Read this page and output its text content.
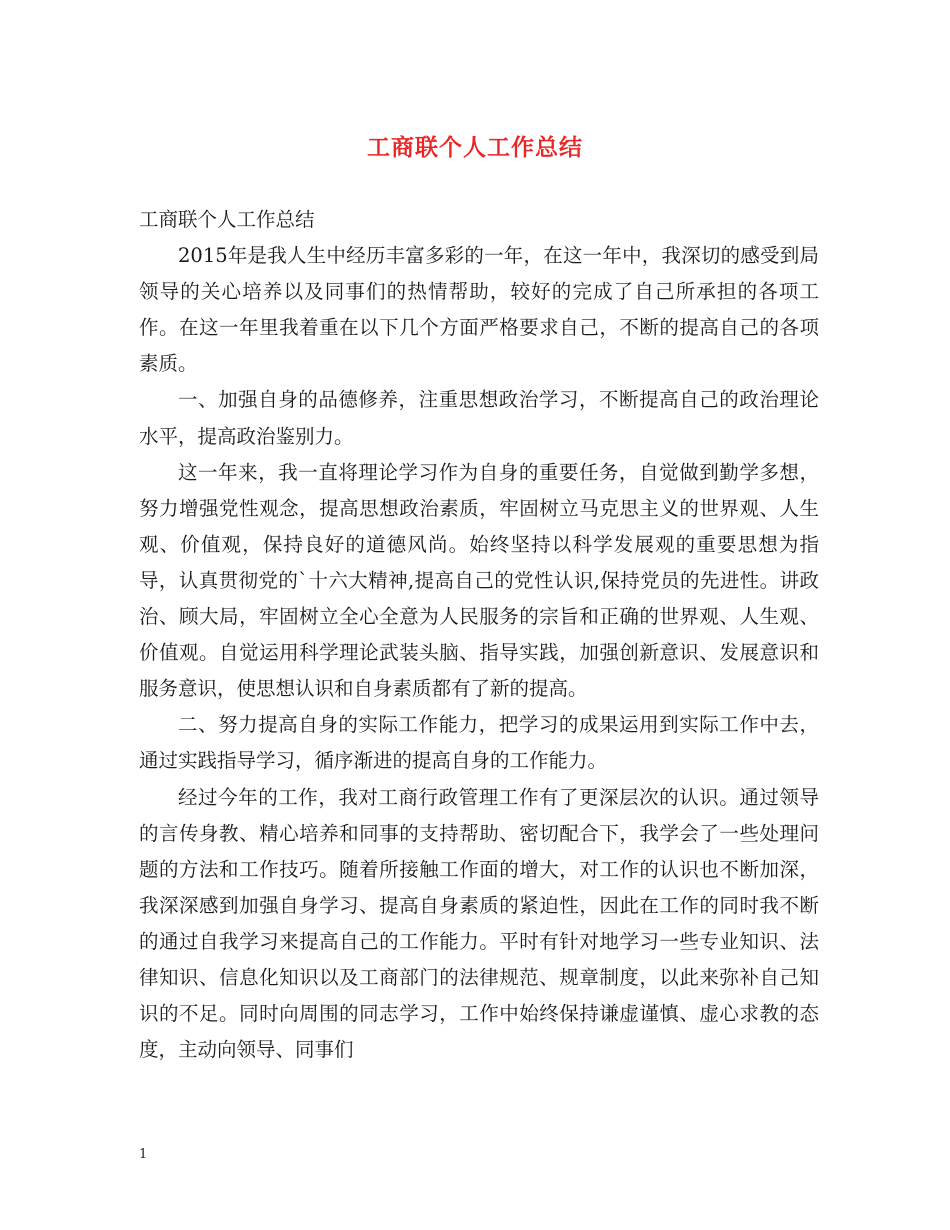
工商联个人工作总结

工商联个人工作总结

2015年是我人生中经历丰富多彩的一年，在这一年中，我深切的感受到局领导的关心培养以及同事们的热情帮助，较好的完成了自己所承担的各项工作。在这一年里我着重在以下几个方面严格要求自己，不断的提高自己的各项素质。

一、加强自身的品德修养，注重思想政治学习，不断提高自己的政治理论水平，提高政治鉴别力。

这一年来，我一直将理论学习作为自身的重要任务，自觉做到勤学多想，努力增强党性观念，提高思想政治素质，牢固树立马克思主义的世界观、人生观、价值观，保持良好的道德风尚。始终坚持以科学发展观的重要思想为指导，认真贯彻党的`十六大精神,提高自己的党性认识,保持党员的先进性。讲政治、顾大局，牢固树立全心全意为人民服务的宗旨和正确的世界观、人生观、价值观。自觉运用科学理论武装头脑、指导实践，加强创新意识、发展意识和服务意识，使思想认识和自身素质都有了新的提高。

二、努力提高自身的实际工作能力，把学习的成果运用到实际工作中去，通过实践指导学习，循序渐进的提高自身的工作能力。

经过今年的工作，我对工商行政管理工作有了更深层次的认识。通过领导的言传身教、精心培养和同事的支持帮助、密切配合下，我学会了一些处理问题的方法和工作技巧。随着所接触工作面的增大，对工作的认识也不断加深，我深深感到加强自身学习、提高自身素质的紧迫性，因此在工作的同时我不断的通过自我学习来提高自己的工作能力。平时有针对地学习一些专业知识、法律知识、信息化知识以及工商部门的法律规范、规章制度，以此来弥补自己知识的不足。同时向周围的同志学习，工作中始终保持谦虚谨慎、虚心求教的态度，主动向领导、同事们

1
